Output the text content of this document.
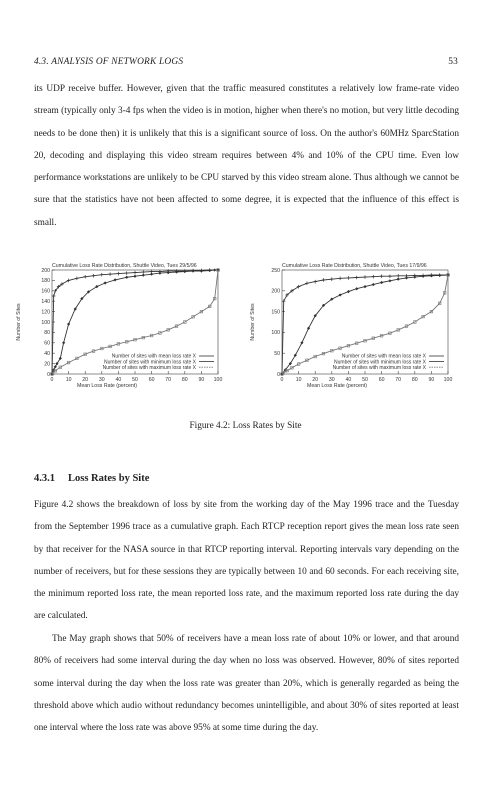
4.3. ANALYSIS OF NETWORK LOGS	53

its UDP receive buffer. However, given that the traffic measured constitutes a relatively low frame-rate video stream (typically only 3-4 fps when the video is in motion, higher when there's no motion, but very little decoding needs to be done then) it is unlikely that this is a significant source of loss. On the author's 60MHz SparcStation 20, decoding and displaying this video stream requires between 4% and 10% of the CPU time. Even low performance workstations are unlikely to be CPU starved by this video stream alone. Thus although we cannot be sure that the statistics have not been affected to some degree, it is expected that the influence of this effect is small.

Cumulative Loss Rate Distribution, Shuttle Video, Tues 29/5/96
0
20
40
60
80
100
120
140
160
180
200
0 10 20 30 40 50 60 70 80 90 100
Mean Loss Rate (percent)
Number of Sites
Number of sites with mean loss rate X
Number of sites with minimum loss rate X
Number of sites with maximum loss rate X
Cumulative Loss Rate Distribution, Shuttle Video, Tues 17/9/96
0
50
100
150
200
250
0 10 20 30 40 50 60 70 80 90 100
Mean Loss Rate (percent)
Number of Sites
Number of sites with mean loss rate X
Number of sites with minimum loss rate X
Number of sites with maximum loss rate X
Figure 4.2: Loss Rates by Site
4.3.1 Loss Rates by Site

Figure 4.2 shows the breakdown of loss by site from the working day of the May 1996 trace and the Tuesday from the September 1996 trace as a cumulative graph. Each RTCP reception report gives the mean loss rate seen by that receiver for the NASA source in that RTCP reporting interval. Reporting intervals vary depending on the number of receivers, but for these sessions they are typically between 10 and 60 seconds. For each receiving site, the minimum reported loss rate, the mean reported loss rate, and the maximum reported loss rate during the day are calculated.

The May graph shows that 50% of receivers have a mean loss rate of about 10% or lower, and that around 80% of receivers had some interval during the day when no loss was observed. However, 80% of sites reported some interval during the day when the loss rate was greater than 20%, which is generally regarded as being the threshold above which audio without redundancy becomes unintelligible, and about 30% of sites reported at least one interval where the loss rate was above 95% at some time during the day.
